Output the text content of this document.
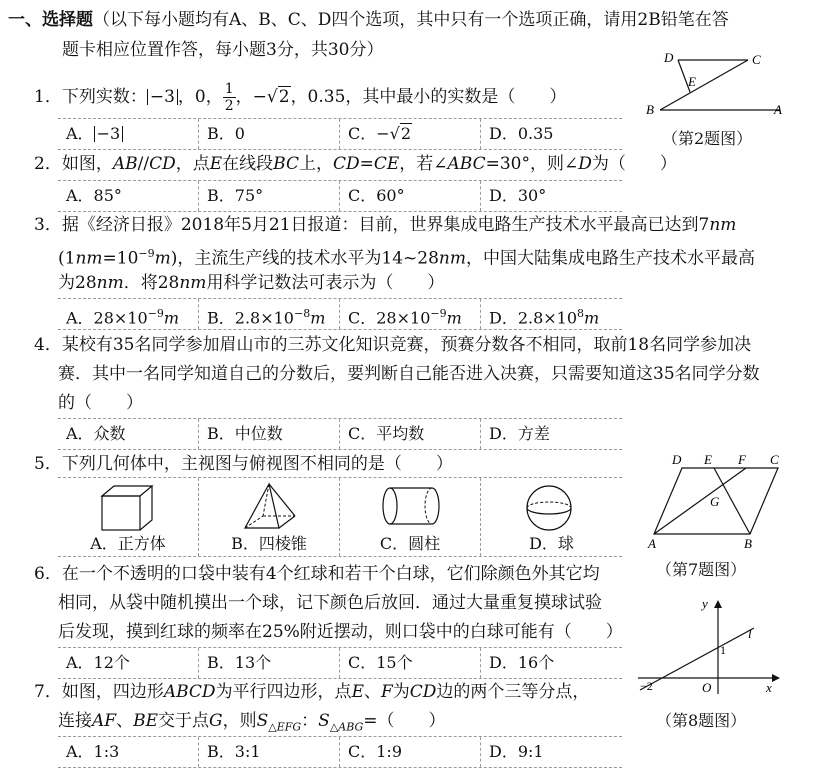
一、选择题（以下每小题均有A、B、C、D四个选项，其中只有一个选项正确，请用2B铅笔在答
题卡相应位置作答，每小题3分，共30分）
1．下列实数： −3 ，0， $\frac{1}{2}$ ，−√2，0.35，其中最小的实数是（　　）
A． −3	B．0	C．−√2	D．0.35
2．如图，AB//CD，点E在线段BC上，CD=CE，若∠ABC=30°，则∠D为（　　）
A．85°	B．75°	C．60°	D．30°
3．据《经济日报》2018年5月21日报道：目前，世界集成电路生产技术水平最高已达到7nm
$(1nm=10^{-9}m)$，主流生产线的技术水平为14~28nm，中国大陆集成电路生产技术水平最高
为28nm．将28nm用科学记数法可表示为（　　）
A．$28\times 10^{-9}m$	B．$2.8\times 10^{-8}m$	C．$28\times 10^{-9}m$	D．$2.8\times 10^8m$
4．某校有35名同学参加眉山市的三苏文化知识竞赛，预赛分数各不相同，取前18名同学参加决
赛．其中一名同学知道自己的分数后，要判断自己能否进入决赛，只需要知道这35名同学分数
的（　　）
A．众数	B．中位数	C．平均数	D．方差
5．下列几何体中，主视图与俯视图不相同的是（　　）
A．正方体	B．四棱锥	C．圆柱	D．球
6．在一个不透明的口袋中装有4个红球和若干个白球，它们除颜色外其它均
相同，从袋中随机摸出一个球，记下颜色后放回．通过大量重复摸球试验
后发现，摸到红球的频率在25%附近摆动，则口袋中的白球可能有（　　）
A．12个	B．13个	C．15个	D．16个
7．如图，四边形ABCD为平行四边形，点E、F为CD边的两个三等分点，
连接AF、BE交于点G，则$S_{\triangle EFG}$：$S_{\triangle ABG}=$（　　）
A．1:3	B．3:1	C．1:9	D．9:1
D	C
E
B	A
（第2题图）
D E F C
G
A	B
（第7题图）
y
l
1
−2	O	x
（第8题图）
